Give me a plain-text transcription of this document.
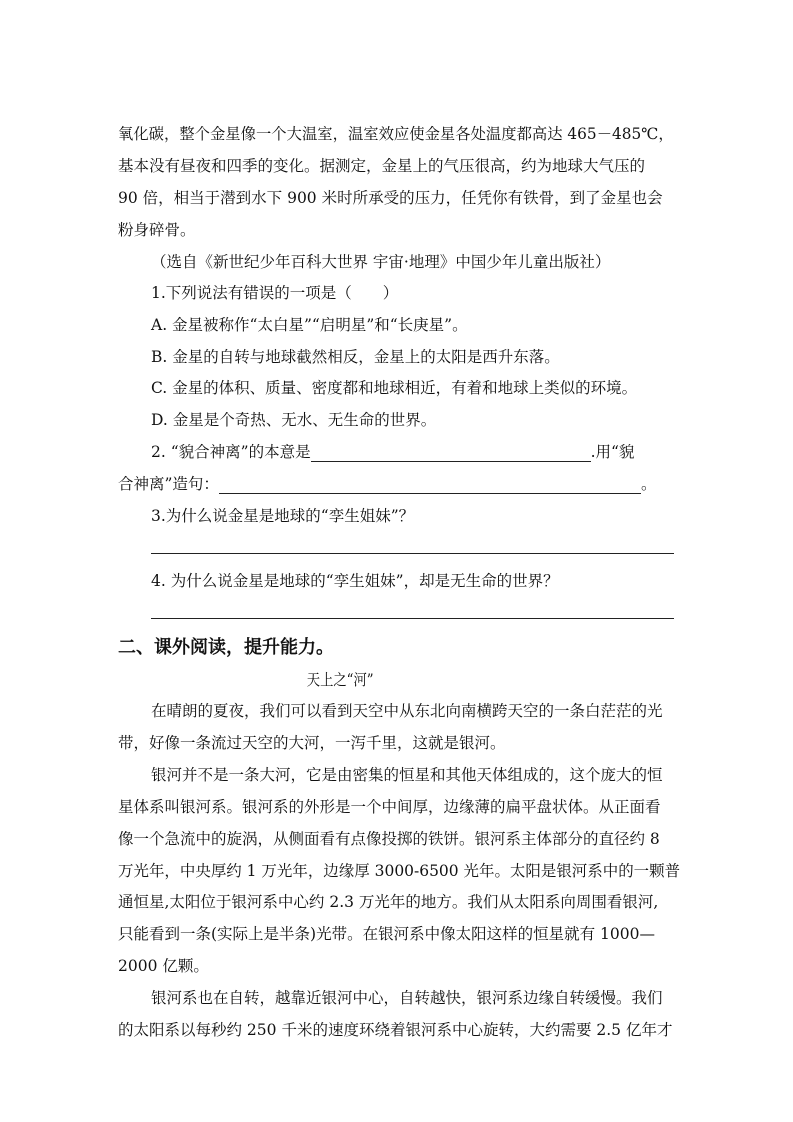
氧化碳，整个金星像一个大温室，温室效应使金星各处温度都高达 465－485℃，
基本没有昼夜和四季的变化。据测定，金星上的气压很高，约为地球大气压的
90 倍，相当于潜到水下 900 米时所承受的压力，任凭你有铁骨，到了金星也会
粉身碎骨。
（选自《新世纪少年百科大世界 宇宙·地理》中国少年儿童出版社）
1.下列说法有错误的一项是（　　）
A. 金星被称作“太白星”“启明星”和“长庚星”。
B. 金星的自转与地球截然相反，金星上的太阳是西升东落。
C. 金星的体积、质量、密度都和地球相近，有着和地球上类似的环境。
D. 金星是个奇热、无水、无生命的世界。
2. “貌合神离”的本意是	.用“貌
合神离”造句：	。
3.为什么说金星是地球的“孪生姐妹”？
4. 为什么说金星是地球的“孪生姐妹”，却是无生命的世界？
二、课外阅读，提升能力。
天上之“河”
在晴朗的夏夜，我们可以看到天空中从东北向南横跨天空的一条白茫茫的光
带，好像一条流过天空的大河，一泻千里，这就是银河。
银河并不是一条大河，它是由密集的恒星和其他天体组成的，这个庞大的恒
星体系叫银河系。银河系的外形是一个中间厚，边缘薄的扁平盘状体。从正面看
像一个急流中的旋涡，从侧面看有点像投掷的铁饼。银河系主体部分的直径约 8
万光年，中央厚约 1 万光年，边缘厚 3000-6500 光年。太阳是银河系中的一颗普
通恒星,太阳位于银河系中心约 2.3 万光年的地方。我们从太阳系向周围看银河,
只能看到一条(实际上是半条)光带。在银河系中像太阳这样的恒星就有 1000—
2000 亿颗。
银河系也在自转，越靠近银河中心，自转越快，银河系边缘自转缓慢。我们
的太阳系以每秒约 250 千米的速度环绕着银河系中心旋转，大约需要 2.5 亿年才
